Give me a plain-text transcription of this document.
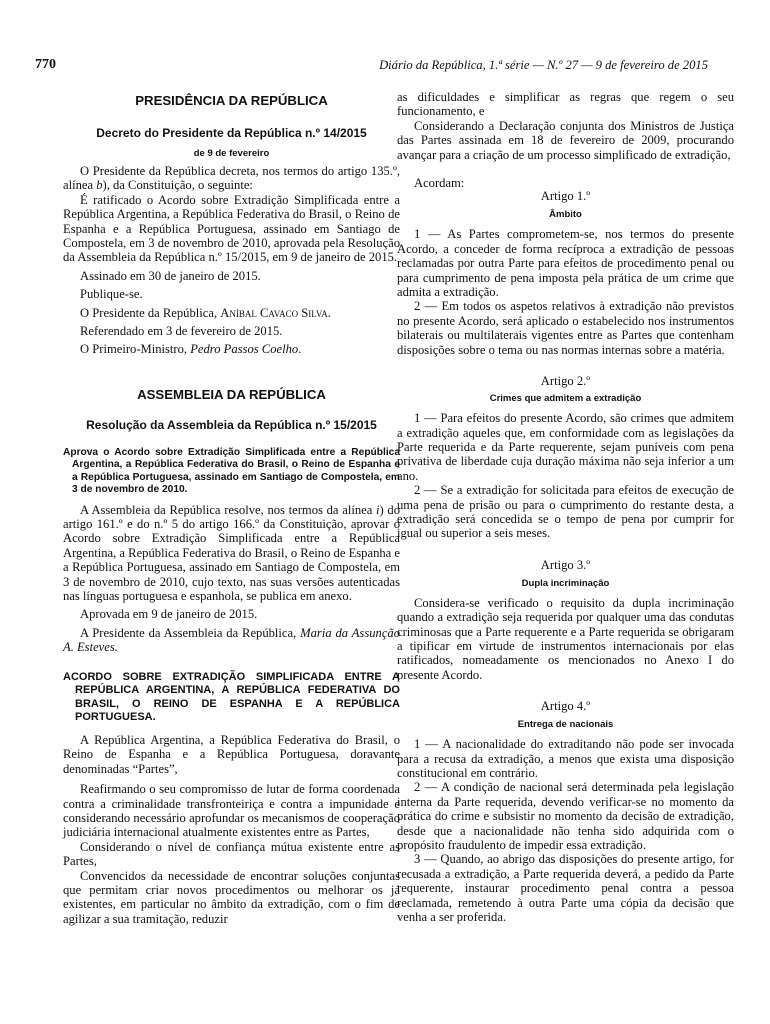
770	Diário da República, 1.ª série — N.º 27 — 9 de fevereiro de 2015
PRESIDÊNCIA DA REPÚBLICA
Decreto do Presidente da República n.º 14/2015
de 9 de fevereiro

O Presidente da República decreta, nos termos do artigo 135.º, alínea b), da Constituição, o seguinte:

É ratificado o Acordo sobre Extradição Simplificada entre a República Argentina, a República Federativa do Brasil, o Reino de Espanha e a República Portuguesa, assinado em Santiago de Compostela, em 3 de novembro de 2010, aprovada pela Resolução da Assembleia da República n.º 15/2015, em 9 de janeiro de 2015.

Assinado em 30 de janeiro de 2015.

Publique-se.

O Presidente da República, Aníbal Cavaco Silva.

Referendado em 3 de fevereiro de 2015.

O Primeiro-Ministro, Pedro Passos Coelho.

ASSEMBLEIA DA REPÚBLICA
Resolução da Assembleia da República n.º 15/2015

Aprova o Acordo sobre Extradição Simplificada entre a República Argentina, a República Federativa do Brasil, o Reino de Espanha e a República Portuguesa, assinado em Santiago de Compostela, em 3 de novembro de 2010.

A Assembleia da República resolve, nos termos da alínea i) do artigo 161.º e do n.º 5 do artigo 166.º da Constituição, aprovar o Acordo sobre Extradição Simplificada entre a República Argentina, a República Federativa do Brasil, o Reino de Espanha e a República Portuguesa, assinado em Santiago de Compostela, em 3 de novembro de 2010, cujo texto, nas suas versões autenticadas nas línguas portuguesa e espanhola, se publica em anexo.

Aprovada em 9 de janeiro de 2015.

A Presidente da Assembleia da República, Maria da Assunção A. Esteves.

ACORDO SOBRE EXTRADIÇÃO SIMPLIFICADA ENTRE A REPÚBLICA ARGENTINA, A REPÚBLICA FEDERATIVA DO BRASIL, O REINO DE ESPANHA E A REPÚBLICA PORTUGUESA.

A República Argentina, a República Federativa do Brasil, o Reino de Espanha e a República Portuguesa, doravante denominadas “Partes”,

Reafirmando o seu compromisso de lutar de forma coordenada contra a criminalidade transfronteiriça e contra a impunidade e considerando necessário aprofundar os mecanismos de cooperação judiciária internacional atualmente existentes entre as Partes,

Considerando o nível de confiança mútua existente entre as Partes,

Convencidos da necessidade de encontrar soluções conjuntas que permitam criar novos procedimentos ou melhorar os já existentes, em particular no âmbito da extradição, com o fim de agilizar a sua tramitação, reduzir

as dificuldades e simplificar as regras que regem o seu funcionamento, e

Considerando a Declaração conjunta dos Ministros de Justiça das Partes assinada em 18 de fevereiro de 2009, procurando avançar para a criação de um processo simplificado de extradição,

Acordam:

Artigo 1.º
Âmbito

1 — As Partes comprometem-se, nos termos do presente Acordo, a conceder de forma recíproca a extradição de pessoas reclamadas por outra Parte para efeitos de procedimento penal ou para cumprimento de pena imposta pela prática de um crime que admita a extradição.

2 — Em todos os aspetos relativos à extradição não previstos no presente Acordo, será aplicado o estabelecido nos instrumentos bilaterais ou multilaterais vigentes entre as Partes que contenham disposições sobre o tema ou nas normas internas sobre a matéria.

Artigo 2.º
Crimes que admitem a extradição

1 — Para efeitos do presente Acordo, são crimes que admitem a extradição aqueles que, em conformidade com as legislações da Parte requerida e da Parte requerente, sejam puníveis com pena privativa de liberdade cuja duração máxima não seja inferior a um ano.

2 — Se a extradição for solicitada para efeitos de execução de uma pena de prisão ou para o cumprimento do restante desta, a extradição será concedida se o tempo de pena por cumprir for igual ou superior a seis meses.

Artigo 3.º
Dupla incriminação

Considera-se verificado o requisito da dupla incriminação quando a extradição seja requerida por qualquer uma das condutas criminosas que a Parte requerente e a Parte requerida se obrigaram a tipificar em virtude de instrumentos internacionais por elas ratificados, nomeadamente os mencionados no Anexo I do presente Acordo.

Artigo 4.º
Entrega de nacionais

1 — A nacionalidade do extraditando não pode ser invocada para a recusa da extradição, a menos que exista uma disposição constitucional em contrário.

2 — A condição de nacional será determinada pela legislação interna da Parte requerida, devendo verificar-se no momento da prática do crime e subsistir no momento da decisão de extradição, desde que a nacionalidade não tenha sido adquirida com o propósito fraudulento de impedir essa extradição.

3 — Quando, ao abrigo das disposições do presente artigo, for recusada a extradição, a Parte requerida deverá, a pedido da Parte requerente, instaurar procedimento penal contra a pessoa reclamada, remetendo à outra Parte uma cópia da decisão que venha a ser proferida.
